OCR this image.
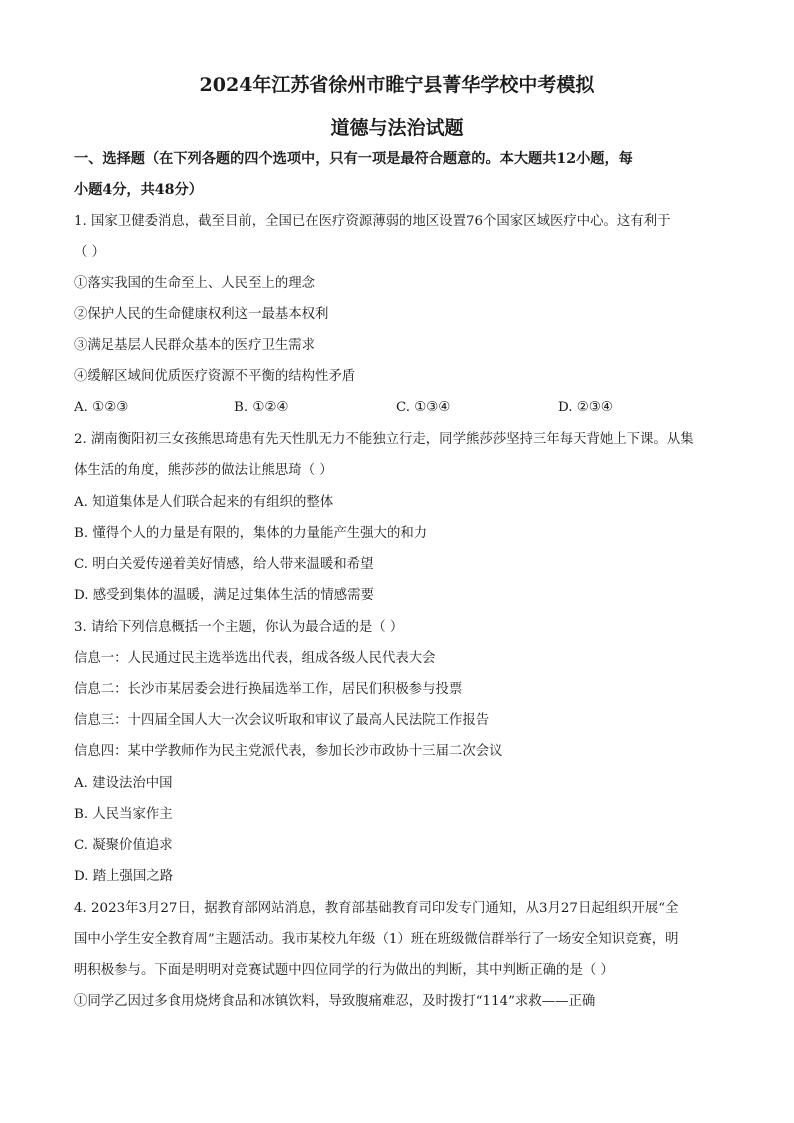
2024年江苏省徐州市睢宁县菁华学校中考模拟
道德与法治试题
一、选择题（在下列各题的四个选项中，只有一项是最符合题意的。本大题共12小题，每
小题4分，共48分）
1. 国家卫健委消息，截至目前，全国已在医疗资源薄弱的地区设置76个国家区域医疗中心。这有利于
（ ）
①落实我国的生命至上、人民至上的理念
②保护人民的生命健康权利这一最基本权利
③满足基层人民群众基本的医疗卫生需求
④缓解区域间优质医疗资源不平衡的结构性矛盾
A. ①②③	B. ①②④	C. ①③④	D. ②③④
2. 湖南衡阳初三女孩熊思琦患有先天性肌无力不能独立行走，同学熊莎莎坚持三年每天背她上下课。从集
体生活的角度，熊莎莎的做法让熊思琦（ ）
A. 知道集体是人们联合起来的有组织的整体
B. 懂得个人的力量是有限的，集体的力量能产生强大的和力
C. 明白关爱传递着美好情感，给人带来温暖和希望
D. 感受到集体的温暖，满足过集体生活的情感需要
3. 请给下列信息概括一个主题，你认为最合适的是（ ）
信息一：人民通过民主选举选出代表，组成各级人民代表大会
信息二：长沙市某居委会进行换届选举工作，居民们积极参与投票
信息三：十四届全国人大一次会议听取和审议了最高人民法院工作报告
信息四：某中学教师作为民主党派代表，参加长沙市政协十三届二次会议
A. 建设法治中国
B. 人民当家作主
C. 凝聚价值追求
D. 踏上强国之路
4. 2023年3月27日，据教育部网站消息，教育部基础教育司印发专门通知，从3月27日起组织开展“全
国中小学生安全教育周”主题活动。我市某校九年级（1）班在班级微信群举行了一场安全知识竞赛，明
明积极参与。下面是明明对竞赛试题中四位同学的行为做出的判断，其中判断正确的是（ ）
①同学乙因过多食用烧烤食品和冰镇饮料，导致腹痛难忍，及时拨打“114”求救——正确
